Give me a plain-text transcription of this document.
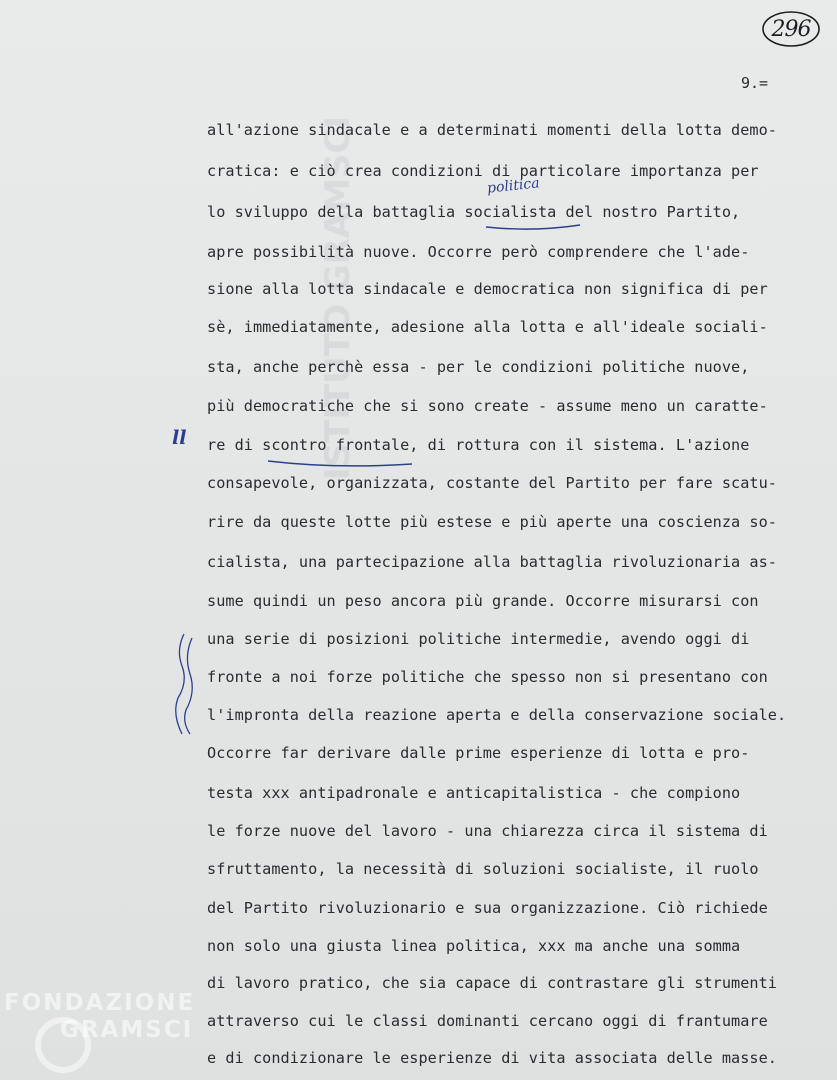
ISTITUTO GRAMSCI
296
9.=
politica
ll
all'azione sindacale e a determinati momenti della lotta demo-
cratica: e ciò crea condizioni di particolare importanza per
lo sviluppo della battaglia socialista del nostro Partito,
apre possibilità nuove. Occorre però comprendere che l'ade-
sione alla lotta sindacale e democratica non significa di per
sè, immediatamente, adesione alla lotta e all'ideale sociali-
sta, anche perchè essa - per le condizioni politiche nuove,
più democratiche che si sono create - assume meno un caratte-
re di scontro frontale, di rottura con il sistema. L'azione
consapevole, organizzata, costante del Partito per fare scatu-
rire da queste lotte più estese e più aperte una coscienza so-
cialista, una partecipazione alla battaglia rivoluzionaria as-
sume quindi un peso ancora più grande. Occorre misurarsi con
una serie di posizioni politiche intermedie, avendo oggi di
fronte a noi forze politiche che spesso non si presentano con
l'impronta della reazione aperta e della conservazione sociale.
Occorre far derivare dalle prime esperienze di lotta e pro-
testa xxx antipadronale e anticapitalistica - che compiono
le forze nuove del lavoro - una chiarezza circa il sistema di
sfruttamento, la necessità di soluzioni socialiste, il ruolo
del Partito rivoluzionario e sua organizzazione. Ciò richiede
non solo una giusta linea politica, xxx ma anche una somma
di lavoro pratico, che sia capace di contrastare gli strumenti
attraverso cui le classi dominanti cercano oggi di frantumare
e di condizionare le esperienze di vita associata delle masse.
FONDAZIONE
GRAMSCI
